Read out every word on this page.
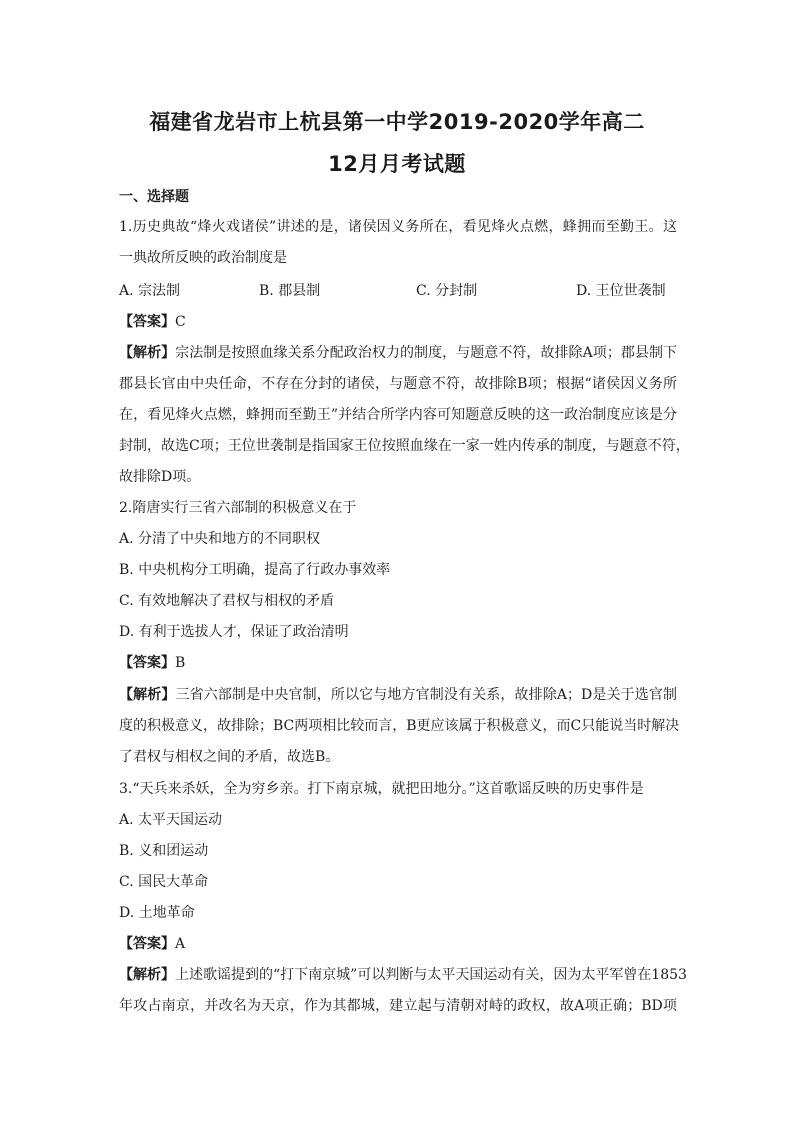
福建省龙岩市上杭县第一中学2019-2020学年高二
12月月考试题
一、选择题
1.历史典故“烽火戏诸侯”讲述的是，诸侯因义务所在，看见烽火点燃，蜂拥而至勤王。这
一典故所反映的政治制度是
A. 宗法制	B. 郡县制	C. 分封制	D. 王位世袭制
【答案】C
【解析】宗法制是按照血缘关系分配政治权力的制度，与题意不符，故排除A项；郡县制下
郡县长官由中央任命，不存在分封的诸侯，与题意不符，故排除B项；根据“诸侯因义务所
在，看见烽火点燃，蜂拥而至勤王”并结合所学内容可知题意反映的这一政治制度应该是分
封制，故选C项；王位世袭制是指国家王位按照血缘在一家一姓内传承的制度，与题意不符，
故排除D项。
2.隋唐实行三省六部制的积极意义在于
A. 分清了中央和地方的不同职权
B. 中央机构分工明确，提高了行政办事效率
C. 有效地解决了君权与相权的矛盾
D. 有利于选拔人才，保证了政治清明
【答案】B
【解析】三省六部制是中央官制，所以它与地方官制没有关系，故排除A；D是关于选官制
度的积极意义，故排除；BC两项相比较而言，B更应该属于积极意义，而C只能说当时解决
了君权与相权之间的矛盾，故选B。
3.“天兵来杀妖，全为穷乡亲。打下南京城，就把田地分。”这首歌谣反映的历史事件是
A. 太平天国运动
B. 义和团运动
C. 国民大革命
D. 土地革命
【答案】A
【解析】上述歌谣提到的“打下南京城”可以判断与太平天国运动有关，因为太平军曾在1853
年攻占南京，并改名为天京，作为其都城，建立起与清朝对峙的政权，故A项正确；BD项
